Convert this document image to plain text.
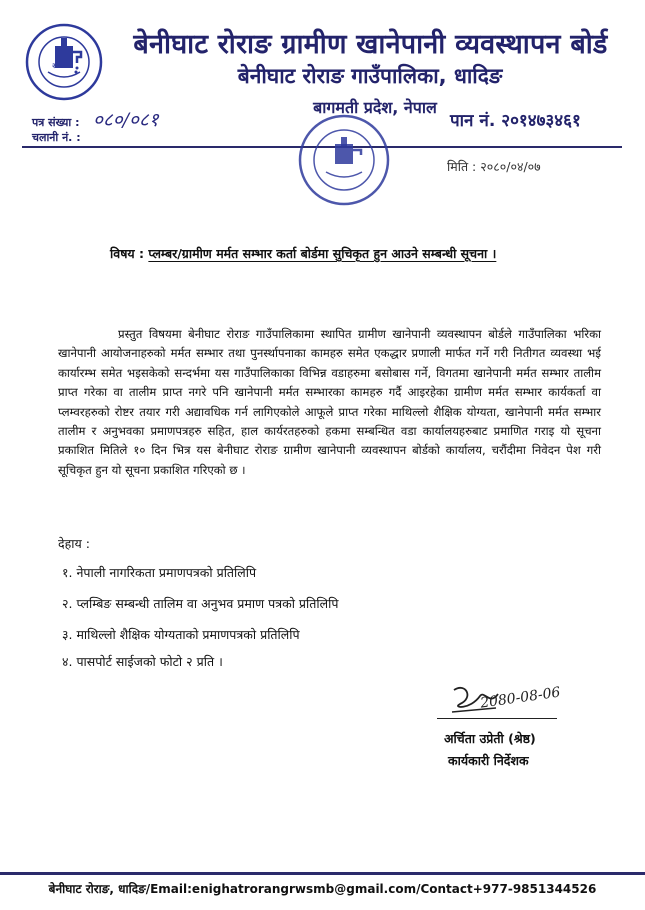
२०७८
बेनीघाट रोराङ ग्रामीण खानेपानी व्यवस्थापन बोर्ड
बेनीघाट रोराङ गाउँपालिका, धादिङ
बागमती प्रदेश, नेपाल
पान नं. २०१४७३४६१
पत्र संख्या : ०८०/०८१
चलानी नं. :
मिति : २०८०/०४/०७
विषय : प्लम्बर/ग्रामीण मर्मत सम्भार कर्ता बोर्डमा सुचिकृत हुन आउने सम्बन्धी सूचना ।
प्रस्तुत विषयमा बेनीघाट रोराङ गाउँपालिकामा स्थापित ग्रामीण खानेपानी व्यवस्थापन बोर्डले गाउँपालिका भरिका खानेपानी आयोजनाहरुको मर्मत सम्भार तथा पुनर्स्थापनाका कामहरु समेत एकद्धार प्रणाली मार्फत गर्ने गरी नितीगत व्यवस्था भई कार्यारम्भ समेत भइसकेको सन्दर्भमा यस गाउँपालिकाका विभिन्न वडाहरुमा बसोबास गर्ने, विगतमा खानेपानी मर्मत सम्भार तालीम प्राप्त गरेका वा तालीम प्राप्त नगरे पनि खानेपानी मर्मत सम्भारका कामहरु गर्दै आइरहेका ग्रामीण मर्मत सम्भार कार्यकर्ता वा प्लम्वरहरुको रोष्टर तयार गरी अद्यावधिक गर्न लागिएकोले आफूले प्राप्त गरेका माथिल्लो शैक्षिक योग्यता, खानेपानी मर्मत सम्भार तालीम र अनुभवका प्रमाणपत्रहरु सहित, हाल कार्यरतहरुको हकमा सम्बन्धित वडा कार्यालयहरुबाट प्रमाणित गराइ यो सूचना प्रकाशित मितिले १० दिन भित्र यस बेनीघाट रोराङ ग्रामीण खानेपानी व्यवस्थापन बोर्डको कार्यालय, चरौंदीमा निवेदन पेश गरी सूचिकृत हुन यो सूचना प्रकाशित गरिएको छ ।
देहाय :
१. नेपाली नागरिकता प्रमाणपत्रको प्रतिलिपि
२. प्लम्बिङ सम्बन्धी तालिम वा अनुभव प्रमाण पत्रको प्रतिलिपि
३. माथिल्लो शैक्षिक योग्यताको प्रमाणपत्रको प्रतिलिपि
४. पासपोर्ट साईजको फोटो २ प्रति ।
2080-08-06
अर्चिता उप्रेती (श्रेष्ठ)
कार्यकारी निर्देशक
बेनीघाट रोराङ, धादिङ/Email:enighatrorangrwsmb@gmail.com/Contact+977-9851344526
